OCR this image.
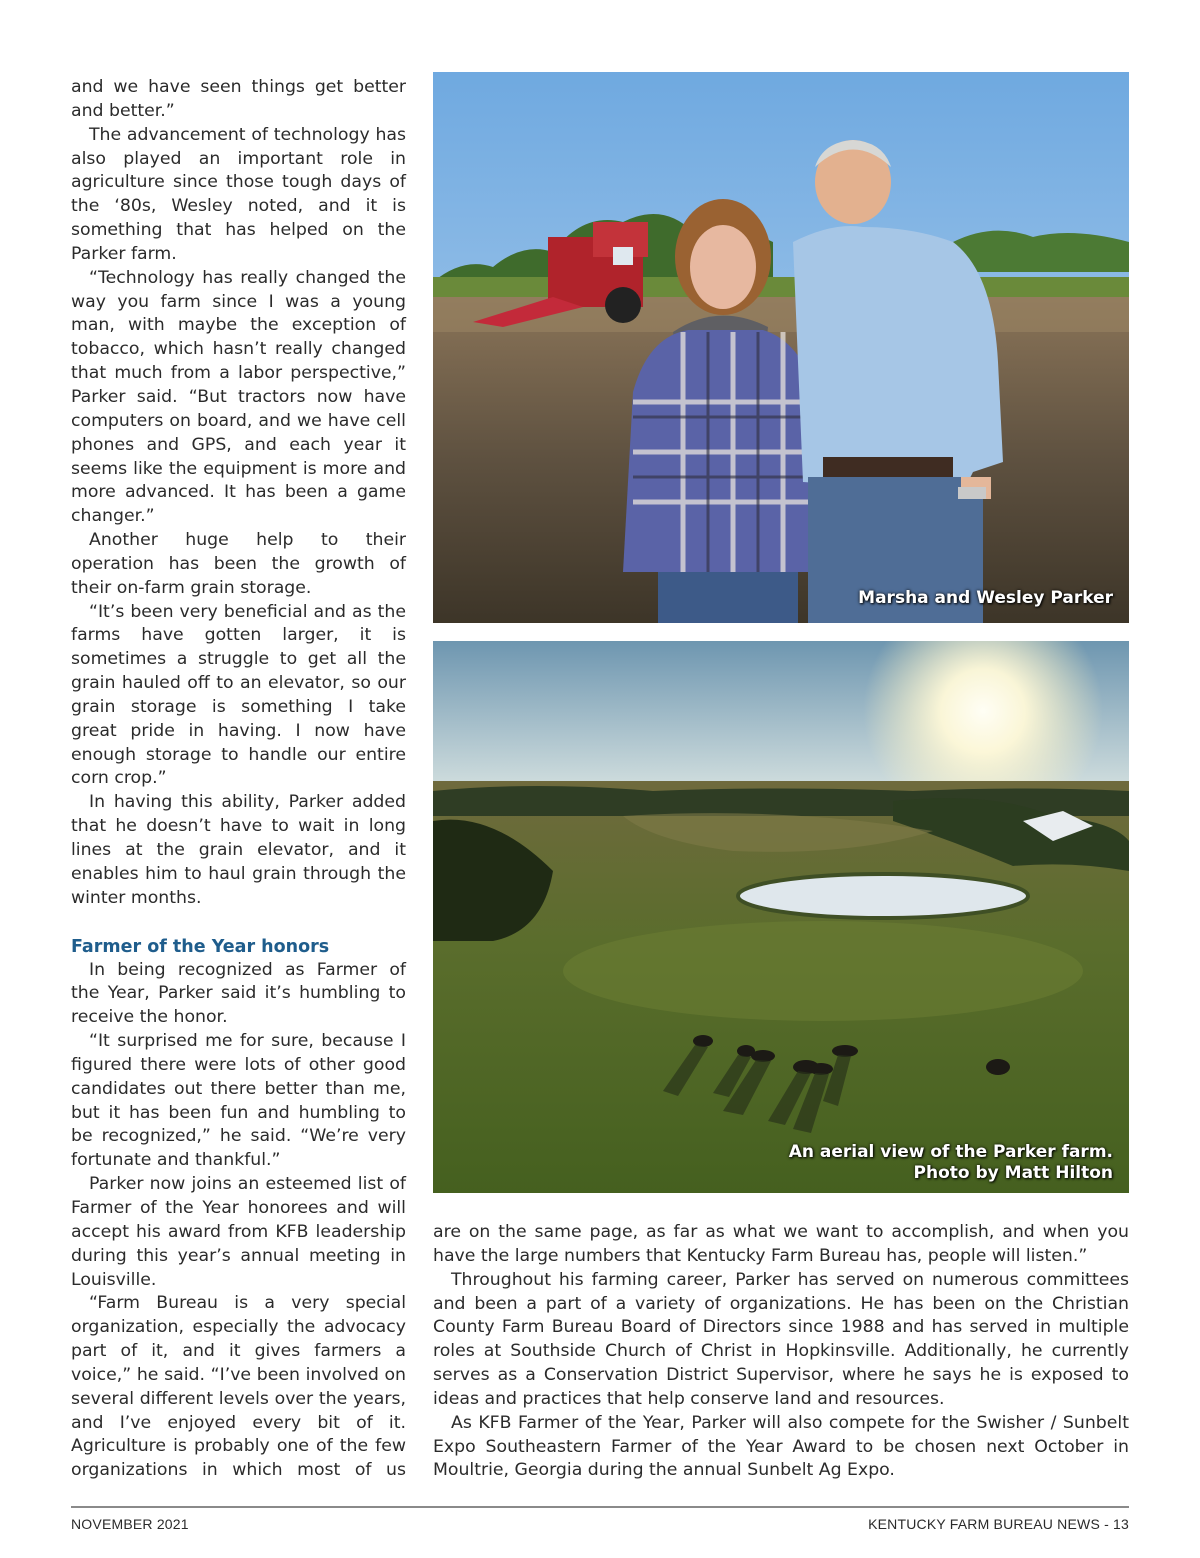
and we have seen things get better and better.”

The advancement of technology has also played an important role in agriculture since those tough days of the ‘80s, Wesley noted, and it is something that has helped on the Parker farm.

“Technology has really changed the way you farm since I was a young man, with maybe the exception of tobacco, which hasn’t really changed that much from a labor perspective,” Parker said. “But tractors now have computers on board, and we have cell phones and GPS, and each year it seems like the equipment is more and more advanced. It has been a game changer.”

Another huge help to their operation has been the growth of their on-farm grain storage.

“It’s been very beneficial and as the farms have gotten larger, it is sometimes a struggle to get all the grain hauled off to an elevator, so our grain storage is something I take great pride in having. I now have enough storage to handle our entire corn crop.”

In having this ability, Parker added that he doesn’t have to wait in long lines at the grain elevator, and it enables him to haul grain through the winter months.

Farmer of the Year honors

In being recognized as Farmer of the Year, Parker said it’s humbling to receive the honor.

“It surprised me for sure, because I figured there were lots of other good candidates out there better than me, but it has been fun and humbling to be recognized,” he said. “We’re very fortunate and thankful.”

Parker now joins an esteemed list of Farmer of the Year honorees and will accept his award from KFB leadership during this year’s annual meeting in Louisville.

“Farm Bureau is a very special organization, especially the advocacy part of it, and it gives farmers a voice,” he said. “I’ve been involved on several different levels over the years, and I’ve enjoyed every bit of it. Agriculture is probably one of the few organizations in which most of us

Marsha and Wesley Parker
An aerial view of the Parker farm.
Photo by Matt Hilton

are on the same page, as far as what we want to accomplish, and when you have the large numbers that Kentucky Farm Bureau has, people will listen.”

Throughout his farming career, Parker has served on numerous committees and been a part of a variety of organizations. He has been on the Christian County Farm Bureau Board of Directors since 1988 and has served in multiple roles at Southside Church of Christ in Hopkinsville. Additionally, he currently serves as a Conservation District Supervisor, where he says he is exposed to ideas and practices that help conserve land and resources.

As KFB Farmer of the Year, Parker will also compete for the Swisher / Sunbelt Expo Southeastern Farmer of the Year Award to be chosen next October in Moultrie, Georgia during the annual Sunbelt Ag Expo.

NOVEMBER 2021	KENTUCKY FARM BUREAU NEWS - 13
